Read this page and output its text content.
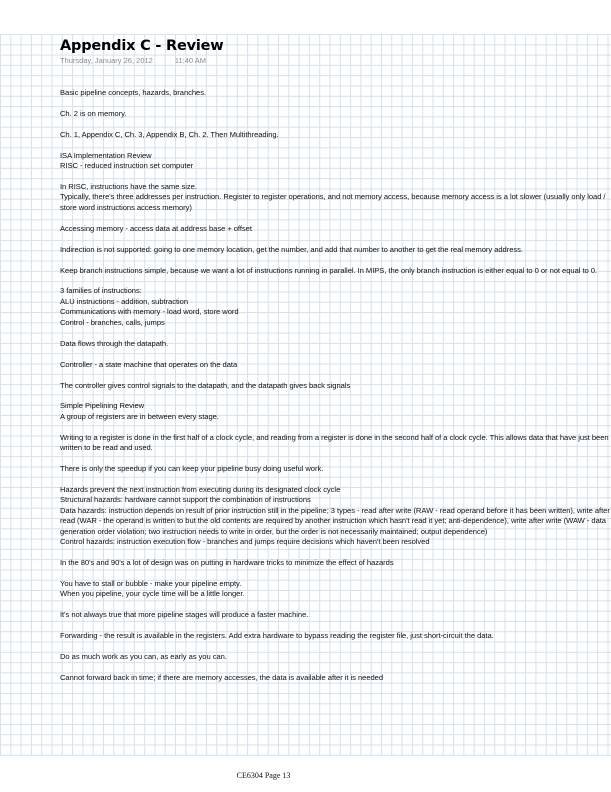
Appendix C - Review
Thursday, January 26, 2012	11:40 AM
Basic pipeline concepts, hazards, branches.
Ch. 2 is on memory.
Ch. 1, Appendix C, Ch. 3, Appendix B, Ch. 2. Then Multithreading.
ISA Implementation Review
RISC - reduced instruction set computer
In RISC, instructions have the same size.
Typically, there's three addresses per instruction. Register to register operations, and not memory access, because memory access is a lot slower (usually only load / store word instructions access memory)
Accessing memory - access data at address base + offset
Indirection is not supported: going to one memory location, get the number, and add that number to another to get the real memory address.
Keep branch instructions simple, because we want a lot of instructions running in parallel. In MIPS, the only branch instruction is either equal to 0 or not equal to 0.
3 families of instructions:
ALU instructions - addition, subtraction
Communications with memory - load word, store word
Control - branches, calls, jumps
Data flows through the datapath.
Controller - a state machine that operates on the data
The controller gives control signals to the datapath, and the datapath gives back signals
Simple Pipelining Review
A group of registers are in between every stage.
Writing to a register is done in the first half of a clock cycle, and reading from a register is done in the second half of a clock cycle. This allows data that have just been written to be read and used.
There is only the speedup if you can keep your pipeline busy doing useful work.
Hazards prevent the next instruction from executing during its designated clock cycle
Structural hazards: hardware cannot support the combination of instructions
Data hazards: instruction depends on result of prior instruction still in the pipeline; 3 types - read after write (RAW - read operand before it has been written), write after read (WAR - the operand is written to but the old contents are required by another instruction which hasn't read it yet; anti-dependence), write after write (WAW - data generation order violation; two instruction needs to write in order, but the order is not necessarily maintained; output dependence)
Control hazards: instruction execution flow - branches and jumps require decisions which haven't been resolved
In the 80's and 90's a lot of design was on putting in hardware tricks to minimize the effect of hazards
You have to stall or bubble - make your pipeline empty.
When you pipeline, your cycle time will be a little longer.
It's not always true that more pipeline stages will produce a faster machine.
Forwarding - the result is available in the registers. Add extra hardware to bypass reading the register file, just short-circuit the data.
Do as much work as you can, as early as you can.
Cannot forward back in time; if there are memory accesses, the data is available after it is needed
CE6304 Page 13
